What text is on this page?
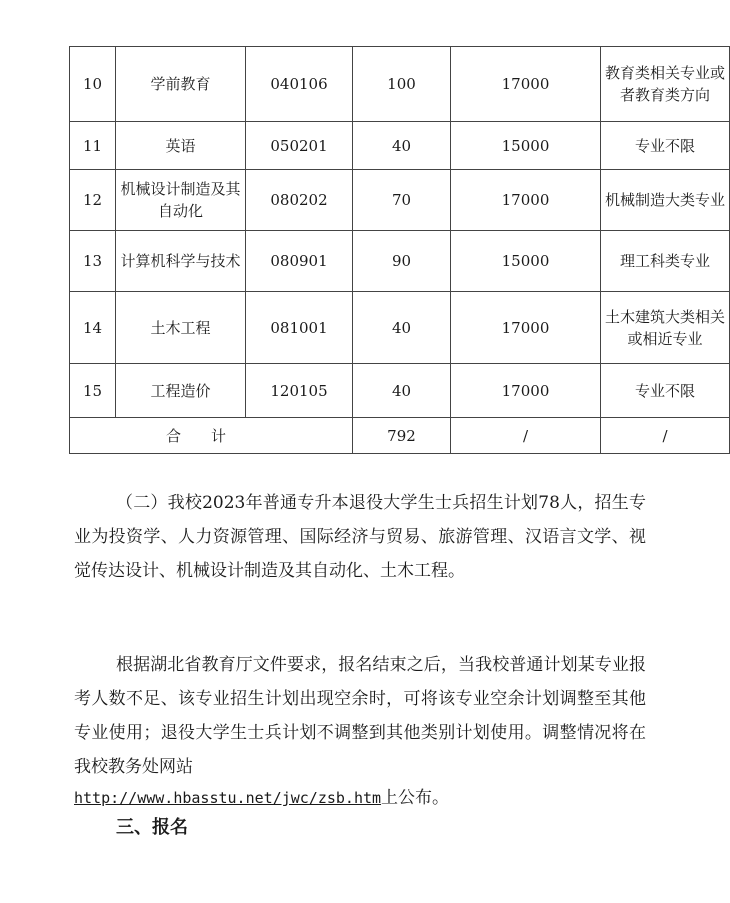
10	学前教育	040106	100	17000	教育类相关专业或者教育类方向
11	英语	050201	40	15000	专业不限
12	机械设计制造及其自动化	080202	70	17000	机械制造大类专业
13	计算机科学与技术	080901	90	15000	理工科类专业
14	土木工程	081001	40	17000	土木建筑大类相关或相近专业
15	工程造价	120105	40	17000	专业不限
合计			792	/	/

（二）我校2023年普通专升本退役大学生士兵招生计划78人，招生专业为投资学、人力资源管理、国际经济与贸易、旅游管理、汉语言文学、视觉传达设计、机械设计制造及其自动化、土木工程。

根据湖北省教育厅文件要求，报名结束之后，当我校普通计划某专业报考人数不足、该专业招生计划出现空余时，可将该专业空余计划调整至其他专业使用；退役大学生士兵计划不调整到其他类别计划使用。调整情况将在我校教务处网站

http://www.hbasstu.net/jwc/zsb.htm上公布。

三、报名
